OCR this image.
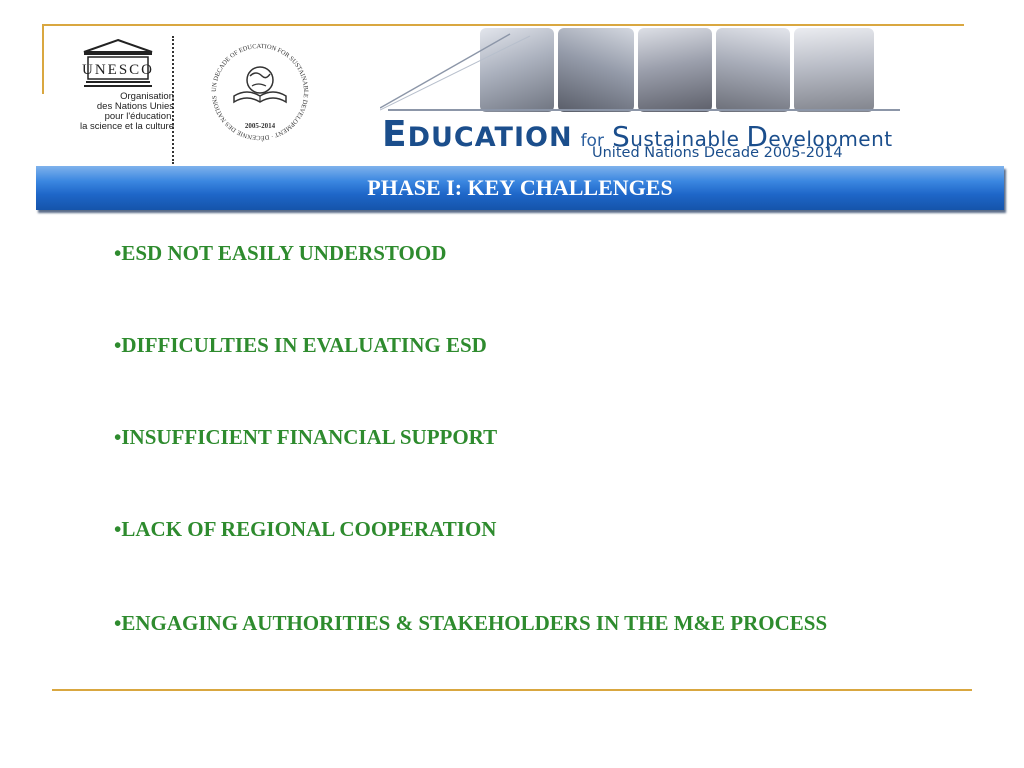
UNESCO
Organisation
des Nations Unies
pour l'éducation,
la science et la culture
UN DECADE OF EDUCATION FOR SUSTAINABLE DEVELOPMENT · DÉCENNIE DES NATIONS
2005-2014	EDUCATION for Sustainable Development
United Nations Decade 2005-2014
PHASE I: KEY CHALLENGES
•ESD NOT EASILY UNDERSTOOD
•DIFFICULTIES IN EVALUATING ESD
•INSUFFICIENT FINANCIAL SUPPORT
•LACK OF REGIONAL COOPERATION
•ENGAGING AUTHORITIES & STAKEHOLDERS IN THE M&E PROCESS
